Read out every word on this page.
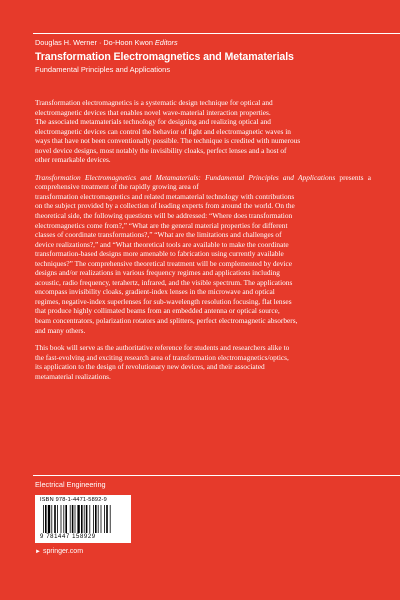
Douglas H. Werner · Do-Hoon Kwon Editors
Transformation Electromagnetics and Metamaterials
Fundamental Principles and Applications

Transformation electromagnetics is a systematic design technique for optical and
electromagnetic devices that enables novel wave-material interaction properties.
The associated metamaterials technology for designing and realizing optical and
electromagnetic devices can control the behavior of light and electromagnetic waves in
ways that have not been conventionally possible. The technique is credited with numerous
novel device designs, most notably the invisibility cloaks, perfect lenses and a host of
other remarkable devices.

Transformation Electromagnetics and Metamaterials: Fundamental Principles and Applications presents a comprehensive treatment of the rapidly growing area of
transformation electromagnetics and related metamaterial technology with contributions
on the subject provided by a collection of leading experts from around the world. On the
theoretical side, the following questions will be addressed: “Where does transformation
electromagnetics come from?,” “What are the general material properties for different
classes of coordinate transformations?,” “What are the limitations and challenges of
device realizations?,” and “What theoretical tools are available to make the coordinate
transformation-based designs more amenable to fabrication using currently available
techniques?” The comprehensive theoretical treatment will be complemented by device
designs and/or realizations in various frequency regimes and applications including
acoustic, radio frequency, terahertz, infrared, and the visible spectrum. The applications
encompass invisibility cloaks, gradient-index lenses in the microwave and optical
regimes, negative-index superlenses for sub-wavelength resolution focusing, flat lenses
that produce highly collimated beams from an embedded antenna or optical source,
beam concentrators, polarization rotators and splitters, perfect electromagnetic absorbers,
and many others.

This book will serve as the authoritative reference for students and researchers alike to
the fast-evolving and exciting research area of transformation electromagnetics/optics,
its application to the design of revolutionary new devices, and their associated
metamaterial realizations.

Electrical Engineering
ISBN 978-1-4471-5892-9
9 781447 158929
► springer.com
